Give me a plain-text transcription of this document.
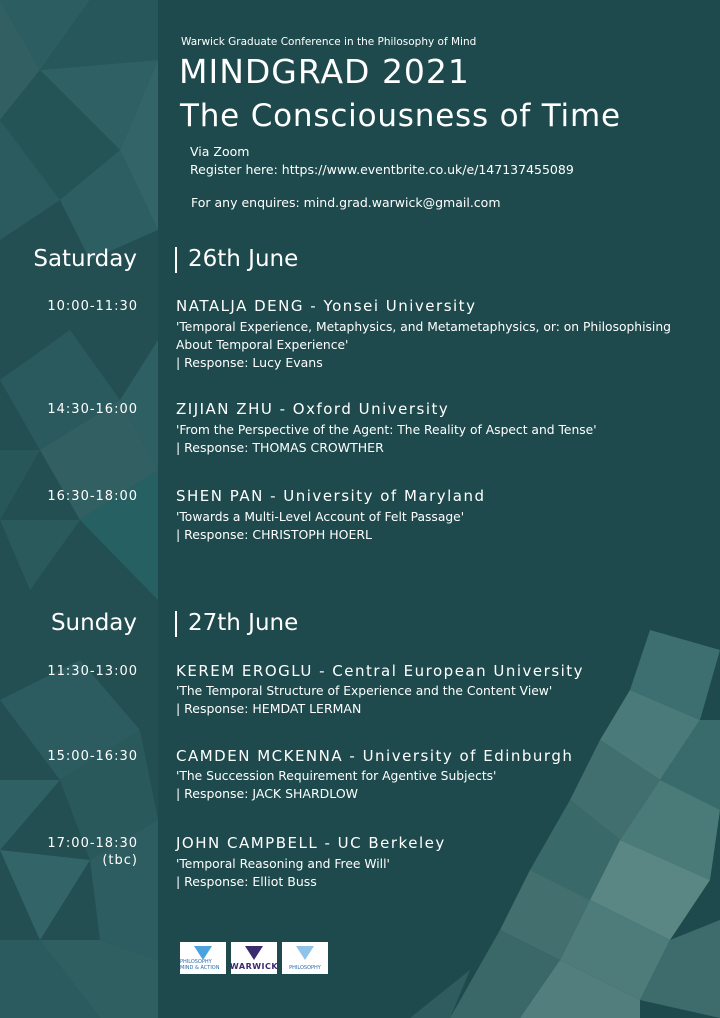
Warwick Graduate Conference in the Philosophy of Mind
MINDGRAD 2021
The Consciousness of Time
Via Zoom
Register here: https://www.eventbrite.co.uk/e/147137455089
For any enquires: mind.grad.warwick@gmail.com
Saturday 26th June
10:00-11:30	NATALJA DENG - Yonsei University
'Temporal Experience, Metaphysics, and Metametaphysics, or: on Philosophising About Temporal Experience'
| Response: Lucy Evans
14:30-16:00	ZIJIAN ZHU - Oxford University
'From the Perspective of the Agent: The Reality of Aspect and Tense'
| Response: THOMAS CROWTHER
16:30-18:00	SHEN PAN - University of Maryland
'Towards a Multi-Level Account of Felt Passage'
| Response: CHRISTOPH HOERL
Sunday 27th June
11:30-13:00	KEREM EROGLU - Central European University
'The Temporal Structure of Experience and the Content View'
| Response: HEMDAT LERMAN
15:00-16:30	CAMDEN MCKENNA - University of Edinburgh
'The Succession Requirement for Agentive Subjects'
| Response: JACK SHARDLOW
17:00-18:30
(tbc)
JOHN CAMPBELL - UC Berkeley
'Temporal Reasoning and Free Will'
| Response: Elliot Buss
PHILOSOPHY MIND & ACTION	WARWICK PHILOSOPHY
